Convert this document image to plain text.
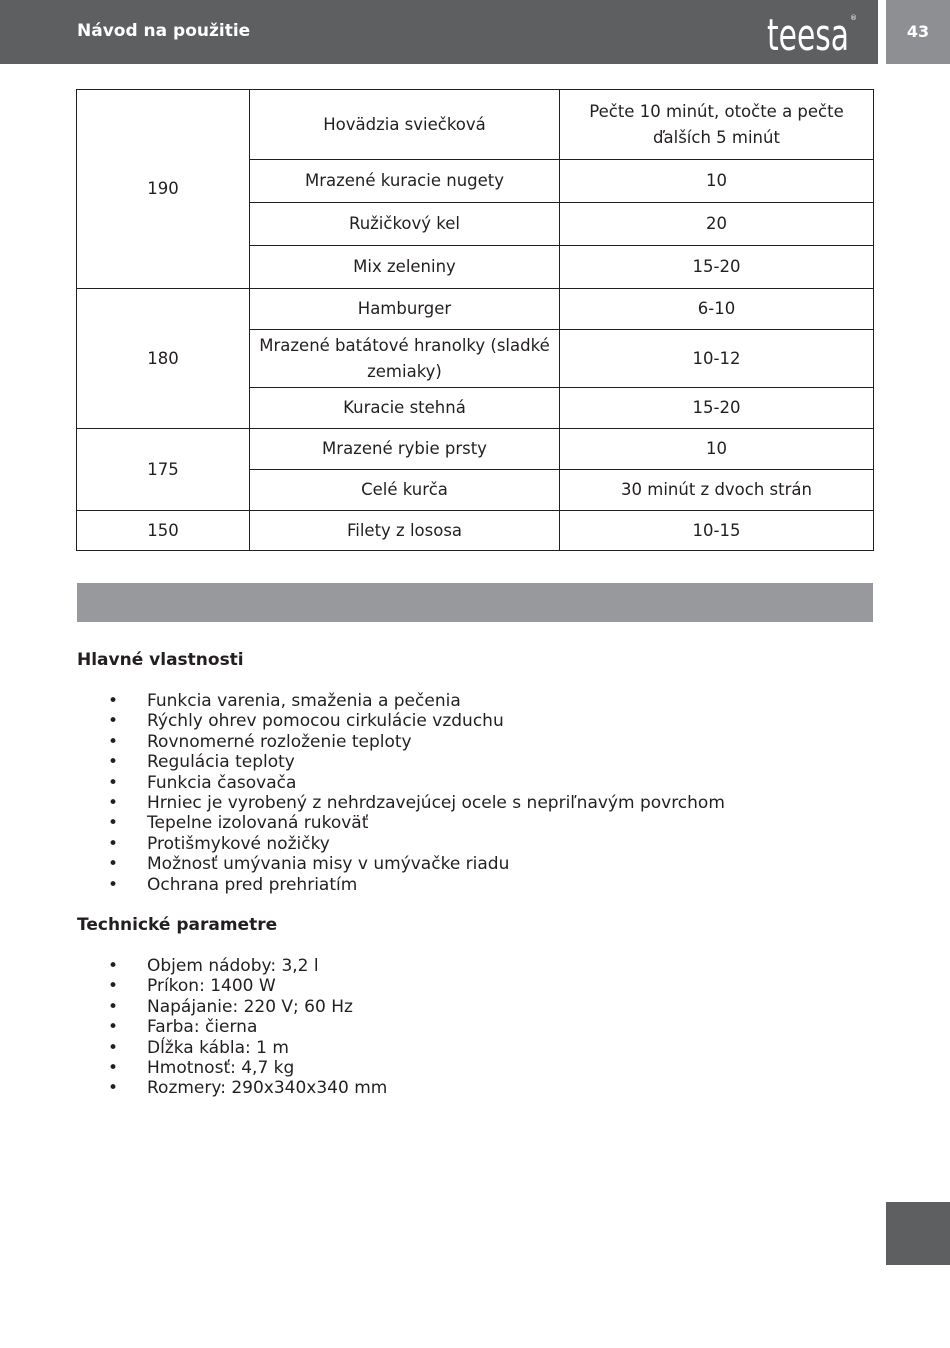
Návod na použitie	teesa ®
43
190	Hovädzia sviečková	Pečte 10 minút, otočte a pečte ďalších 5 minút
	Mrazené kuracie nugety	10
	Ružičkový kel	20
	Mix zeleniny	15-20
180	Hamburger	6-10
	Mrazené batátové hranolky (sladké zemiaky)	10-12
	Kuracie stehná	15-20
175	Mrazené rybie prsty	10
	Celé kurča	30 minút z dvoch strán
150	Filety z lososa	10-15
Hlavné vlastnosti
• Funkcia varenia, smaženia a pečenia
• Rýchly ohrev pomocou cirkulácie vzduchu
• Rovnomerné rozloženie teploty
• Regulácia teploty
• Funkcia časovača
• Hrniec je vyrobený z nehrdzavejúcej ocele s nepriľnavým povrchom
• Tepelne izolovaná rukoväť
• Protišmykové nožičky
• Možnosť umývania misy v umývačke riadu
• Ochrana pred prehriatím
Technické parametre
• Objem nádoby: 3,2 l
• Príkon: 1400 W
• Napájanie: 220 V; 60 Hz
• Farba: čierna
• Dĺžka kábla: 1 m
• Hmotnosť: 4,7 kg
• Rozmery: 290x340x340 mm
